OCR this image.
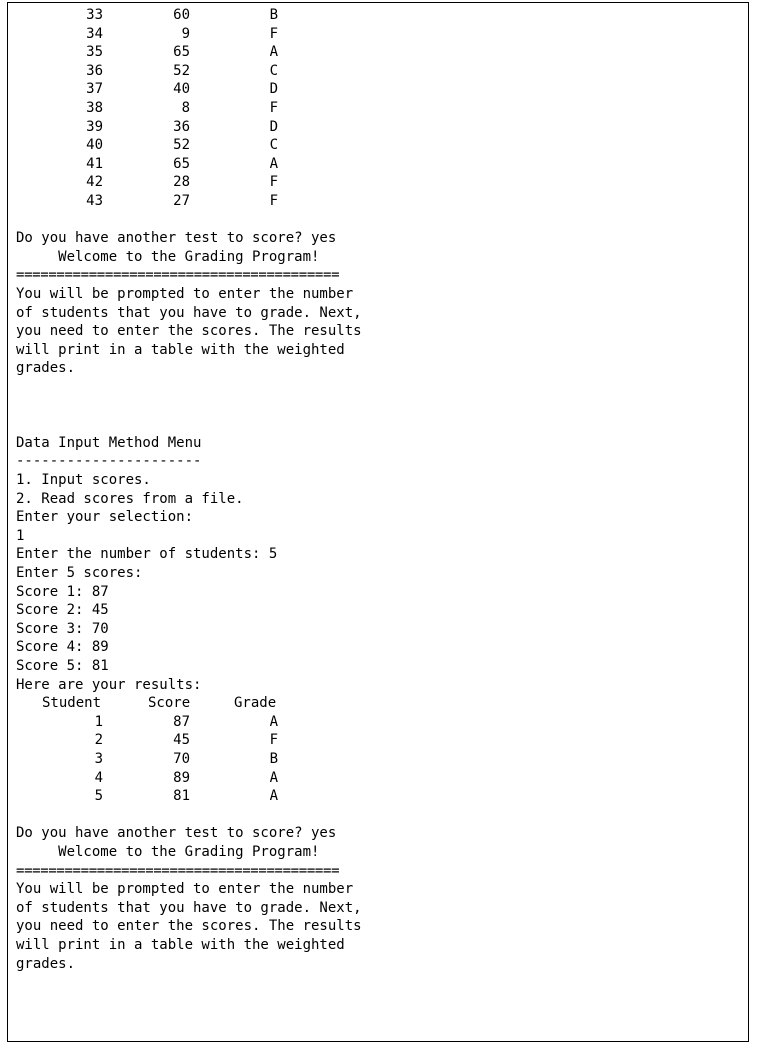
33	60	B
34	9	F
35	65	A
36	52	C
37	40	D
38	8	F
39	36	D
40	52	C
41	65	A
42	28	F
43	27	F
Do you have another test to score? yes
Welcome to the Grading Program!
========================================
You will be prompted to enter the number
of students that you have to grade. Next,
you need to enter the scores. The results
will print in a table with the weighted
grades.
Data Input Method Menu
----------------------
1. Input scores.
2. Read scores from a file.
Enter your selection:
1
Enter the number of students: 5
Enter 5 scores:
Score 1: 87
Score 2: 45
Score 3: 70
Score 4: 89
Score 5: 81
Here are your results:
Student	Score	Grade
1	87	A
2	45	F
3	70	B
4	89	A
5	81	A
Do you have another test to score? yes
Welcome to the Grading Program!
========================================
You will be prompted to enter the number
of students that you have to grade. Next,
you need to enter the scores. The results
will print in a table with the weighted
grades.
